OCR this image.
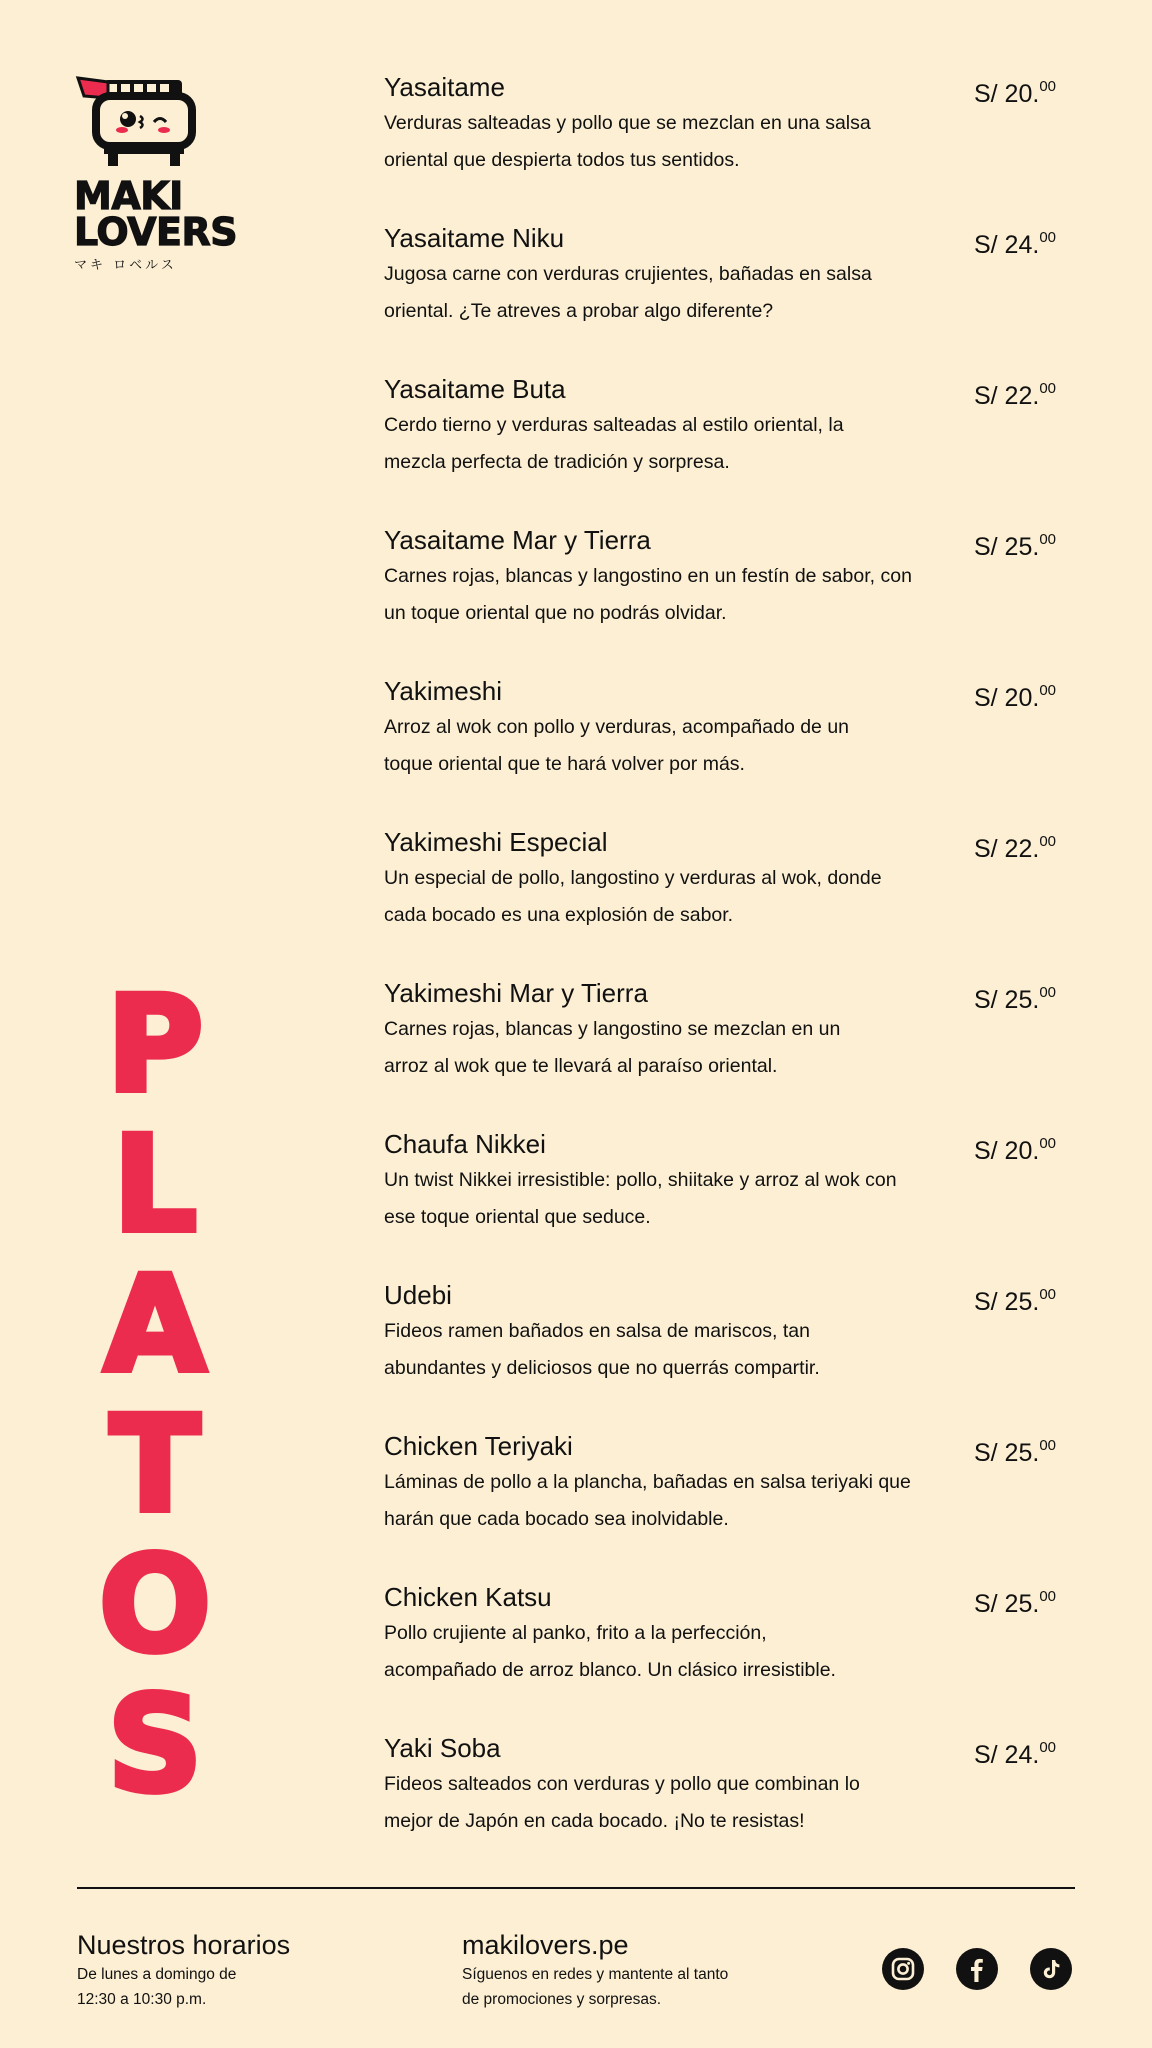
MAKI
LOVERS
マキ ロベルス
P
L
A
T
O
S
Yasaitame
Verduras salteadas y pollo que se mezclan en una salsa
oriental que despierta todos tus sentidos.
S/ 20.00
Yasaitame Niku
Jugosa carne con verduras crujientes, bañadas en salsa
oriental. ¿Te atreves a probar algo diferente?
S/ 24.00
Yasaitame Buta
Cerdo tierno y verduras salteadas al estilo oriental, la
mezcla perfecta de tradición y sorpresa.
S/ 22.00
Yasaitame Mar y Tierra
Carnes rojas, blancas y langostino en un festín de sabor, con
un toque oriental que no podrás olvidar.
S/ 25.00
Yakimeshi
Arroz al wok con pollo y verduras, acompañado de un
toque oriental que te hará volver por más.
S/ 20.00
Yakimeshi Especial
Un especial de pollo, langostino y verduras al wok, donde
cada bocado es una explosión de sabor.
S/ 22.00
Yakimeshi Mar y Tierra
Carnes rojas, blancas y langostino se mezclan en un
arroz al wok que te llevará al paraíso oriental.
S/ 25.00
Chaufa Nikkei
Un twist Nikkei irresistible: pollo, shiitake y arroz al wok con
ese toque oriental que seduce.
S/ 20.00
Udebi
Fideos ramen bañados en salsa de mariscos, tan
abundantes y deliciosos que no querrás compartir.
S/ 25.00
Chicken Teriyaki
Láminas de pollo a la plancha, bañadas en salsa teriyaki que
harán que cada bocado sea inolvidable.
S/ 25.00
Chicken Katsu
Pollo crujiente al panko, frito a la perfección,
acompañado de arroz blanco. Un clásico irresistible.
S/ 25.00
Yaki Soba
Fideos salteados con verduras y pollo que combinan lo
mejor de Japón en cada bocado. ¡No te resistas!
S/ 24.00
Nuestros horarios
De lunes a domingo de
12:30 a 10:30 p.m.
makilovers.pe
Síguenos en redes y mantente al tanto
de promociones y sorpresas.
